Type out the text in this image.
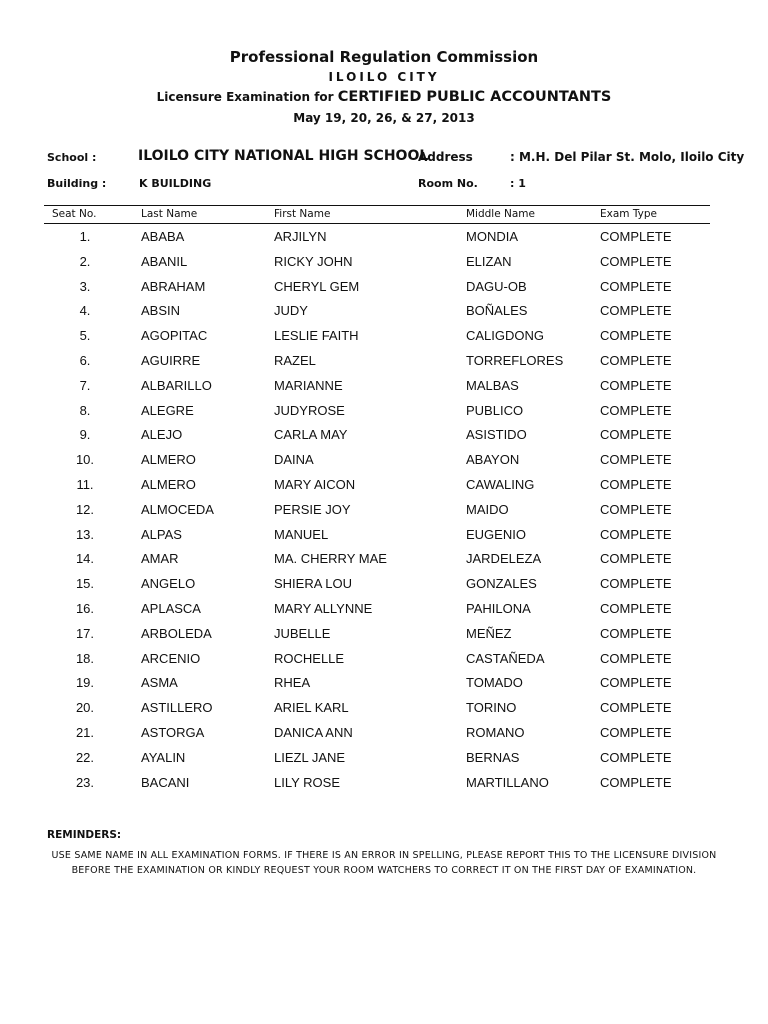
Professional Regulation Commission
ILOILO CITY
Licensure Examination for CERTIFIED PUBLIC ACCOUNTANTS
May 19, 20, 26, & 27, 2013
School :	ILOILO CITY NATIONAL HIGH SCHOOL
Address	: M.H. Del Pilar St. Molo, Iloilo City
Building :	K BUILDING	Room No.	: 1
Seat No.	Last Name	First Name	Middle Name	Exam Type
1.	ABABA	ARJILYN	MONDIA	COMPLETE
2.	ABANIL	RICKY JOHN	ELIZAN	COMPLETE
3.	ABRAHAM	CHERYL GEM	DAGU-OB	COMPLETE
4.	ABSIN	JUDY	BOÑALES	COMPLETE
5.	AGOPITAC	LESLIE FAITH	CALIGDONG	COMPLETE
6.	AGUIRRE	RAZEL	TORREFLORES	COMPLETE
7.	ALBARILLO	MARIANNE	MALBAS	COMPLETE
8.	ALEGRE	JUDYROSE	PUBLICO	COMPLETE
9.	ALEJO	CARLA MAY	ASISTIDO	COMPLETE
10.	ALMERO	DAINA	ABAYON	COMPLETE
11.	ALMERO	MARY AICON	CAWALING	COMPLETE
12.	ALMOCEDA	PERSIE JOY	MAIDO	COMPLETE
13.	ALPAS	MANUEL	EUGENIO	COMPLETE
14.	AMAR	MA. CHERRY MAE	JARDELEZA	COMPLETE
15.	ANGELO	SHIERA LOU	GONZALES	COMPLETE
16.	APLASCA	MARY ALLYNNE	PAHILONA	COMPLETE
17.	ARBOLEDA	JUBELLE	MEÑEZ	COMPLETE
18.	ARCENIO	ROCHELLE	CASTAÑEDA	COMPLETE
19.	ASMA	RHEA	TOMADO	COMPLETE
20.	ASTILLERO	ARIEL KARL	TORINO	COMPLETE
21.	ASTORGA	DANICA ANN	ROMANO	COMPLETE
22.	AYALIN	LIEZL JANE	BERNAS	COMPLETE
23.	BACANI	LILY ROSE	MARTILLANO	COMPLETE
REMINDERS:
USE SAME NAME IN ALL EXAMINATION FORMS. IF THERE IS AN ERROR IN SPELLING, PLEASE REPORT THIS TO THE LICENSURE DIVISION
BEFORE THE EXAMINATION OR KINDLY REQUEST YOUR ROOM WATCHERS TO CORRECT IT ON THE FIRST DAY OF EXAMINATION.
